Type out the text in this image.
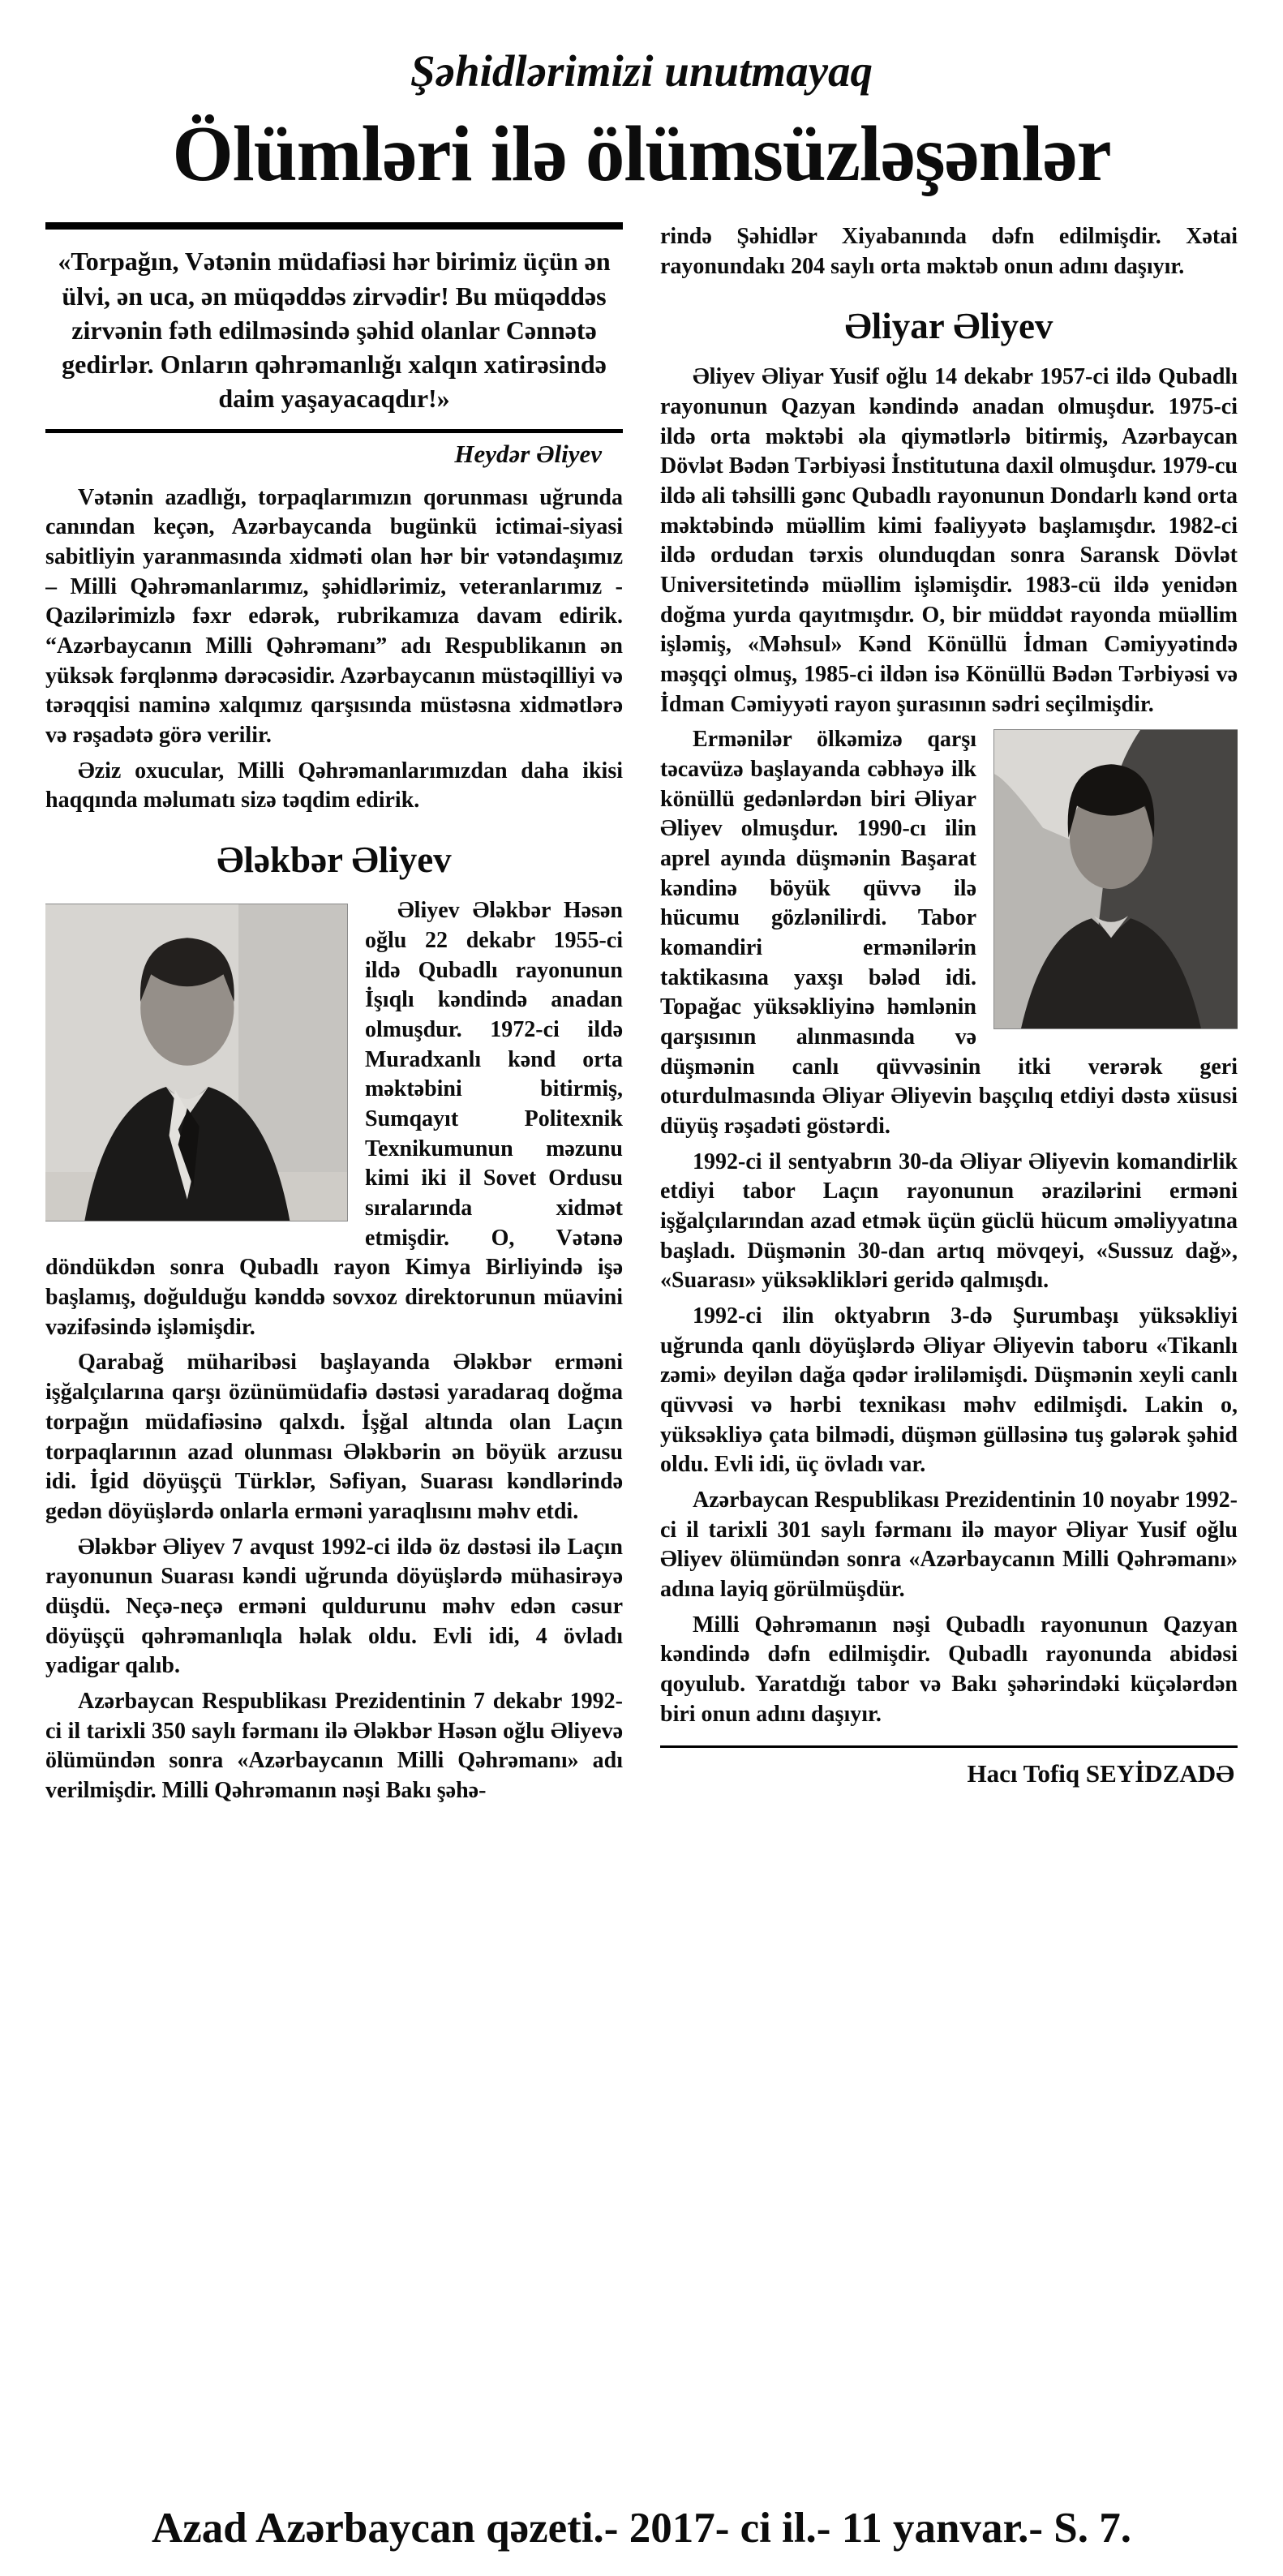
Şəhidlərimizi unutmayaq
Ölümləri ilə ölümsüzləşənlər

«Torpağın, Vətənin müdafiəsi hər birimiz üçün ən ülvi, ən uca, ən müqəddəs zirvədir! Bu müqəddəs zirvənin fəth edilməsində şəhid olanlar Cənnətə gedirlər. Onların qəhrəmanlığı xalqın xatirəsində daim yaşayacaqdır!»

Heydər Əliyev

Vətənin azadlığı, torpaqlarımızın qorunması uğrunda canından keçən, Azərbaycanda bugünkü ictimai-siyasi sabitliyin yaranmasında xidməti olan hər bir vətəndaşımız – Milli Qəhrəmanlarımız, şəhidlərimiz, veteranlarımız - Qazilərimizlə fəxr edərək, rubrikamıza davam edirik. “Azərbaycanın Milli Qəhrəmanı” adı Respublikanın ən yüksək fərqlənmə dərəcəsidir. Azərbaycanın müstəqilliyi və tərəqqisi naminə xalqımız qarşısında müstəsna xidmətlərə və rəşadətə görə verilir.

Əziz oxucular, Milli Qəhrəmanlarımızdan daha ikisi haqqında məlumatı sizə təqdim edirik.

Ələkbər Əliyev

Əliyev Ələkbər Həsən oğlu 22 dekabr 1955-ci ildə Qubadlı rayonunun İşıqlı kəndində anadan olmuşdur. 1972-ci ildə Muradxanlı kənd orta məktəbini bitirmiş, Sumqayıt Politexnik Texnikumunun məzunu kimi iki il Sovet Ordusu sıralarında xidmət etmişdir. O, Vətənə döndükdən sonra Qubadlı rayon Kimya Birliyində işə başlamış, doğulduğu kənddə sovxoz direktorunun müavini vəzifəsində işləmişdir.

Qarabağ müharibəsi başlayanda Ələkbər erməni işğalçılarına qarşı özünümüdafiə dəstəsi yaradaraq doğma torpağın müdafiəsinə qalxdı. İşğal altında olan Laçın torpaqlarının azad olunması Ələkbərin ən böyük arzusu idi. İgid döyüşçü Türklər, Səfiyan, Suarası kəndlərində gedən döyüşlərdə onlarla erməni yaraqlısını məhv etdi.

Ələkbər Əliyev 7 avqust 1992-ci ildə öz dəstəsi ilə Laçın rayonunun Suarası kəndi uğrunda döyüşlərdə mühasirəyə düşdü. Neçə-neçə erməni quldurunu məhv edən cəsur döyüşçü qəhrəmanlıqla həlak oldu. Evli idi, 4 övladı yadigar qalıb.

Azərbaycan Respublikası Prezidentinin 7 dekabr 1992-ci il tarixli 350 saylı fərmanı ilə Ələkbər Həsən oğlu Əliyevə ölümündən sonra «Azərbaycanın Milli Qəhrəmanı» adı verilmişdir. Milli Qəhrəmanın nəşi Bakı şəhə-

rində Şəhidlər Xiyabanında dəfn edilmişdir. Xətai rayonundakı 204 saylı orta məktəb onun adını daşıyır.

Əliyar Əliyev

Əliyev Əliyar Yusif oğlu 14 dekabr 1957-ci ildə Qubadlı rayonunun Qazyan kəndində anadan olmuşdur. 1975-ci ildə orta məktəbi əla qiymətlərlə bitirmiş, Azərbaycan Dövlət Bədən Tərbiyəsi İnstitutuna daxil olmuşdur. 1979-cu ildə ali təhsilli gənc Qubadlı rayonunun Dondarlı kənd orta məktəbində müəllim kimi fəaliyyətə başlamışdır. 1982-ci ildə ordudan tərxis olunduqdan sonra Saransk Dövlət Universitetində müəllim işləmişdir. 1983-cü ildə yenidən doğma yurda qayıtmışdır. O, bir müddət rayonda müəllim işləmiş, «Məhsul» Kənd Könüllü İdman Cəmiyyətində məşqçi olmuş, 1985-ci ildən isə Könüllü Bədən Tərbiyəsi və İdman Cəmiyyəti rayon şurasının sədri seçilmişdir.

Ermənilər ölkəmizə qarşı təcavüzə başlayanda cəbhəyə ilk könüllü gedənlərdən biri Əliyar Əliyev olmuşdur. 1990-cı ilin aprel ayında düşmənin Başarat kəndinə böyük qüvvə ilə hücumu gözlənilirdi. Tabor komandiri ermənilərin taktikasına yaxşı bələd idi. Topağac yüksəkliyinə həmlənin qarşısının alınmasında və düşmənin canlı qüvvəsinin itki verərək geri oturdulmasında Əliyar Əliyevin başçılıq etdiyi dəstə xüsusi düyüş rəşadəti göstərdi.

1992-ci il sentyabrın 30-da Əliyar Əliyevin komandirlik etdiyi tabor Laçın rayonunun ərazilərini erməni işğalçılarından azad etmək üçün güclü hücum əməliyyatına başladı. Düşmənin 30-dan artıq mövqeyi, «Sussuz dağ», «Suarası» yüksəklikləri geridə qalmışdı.

1992-ci ilin oktyabrın 3-də Şurumbaşı yüksəkliyi uğrunda qanlı döyüşlərdə Əliyar Əliyevin taboru «Tikanlı zəmi» deyilən dağa qədər irəliləmişdi. Düşmənin xeyli canlı qüvvəsi və hərbi texnikası məhv edilmişdi. Lakin o, yüksəkliyə çata bilmədi, düşmən gülləsinə tuş gələrək şəhid oldu. Evli idi, üç övladı var.

Azərbaycan Respublikası Prezidentinin 10 noyabr 1992-ci il tarixli 301 saylı fərmanı ilə mayor Əliyar Yusif oğlu Əliyev ölümündən sonra «Azərbaycanın Milli Qəhrəmanı» adına layiq görülmüşdür.

Milli Qəhrəmanın nəşi Qubadlı rayonunun Qazyan kəndində dəfn edilmişdir. Qubadlı rayonunda abidəsi qoyulub. Yaratdığı tabor və Bakı şəhərindəki küçələrdən biri onun adını daşıyır.

Hacı Tofiq SEYİDZADƏ
Azad Azərbaycan qəzeti.- 2017- ci il.- 11 yanvar.- S. 7.
